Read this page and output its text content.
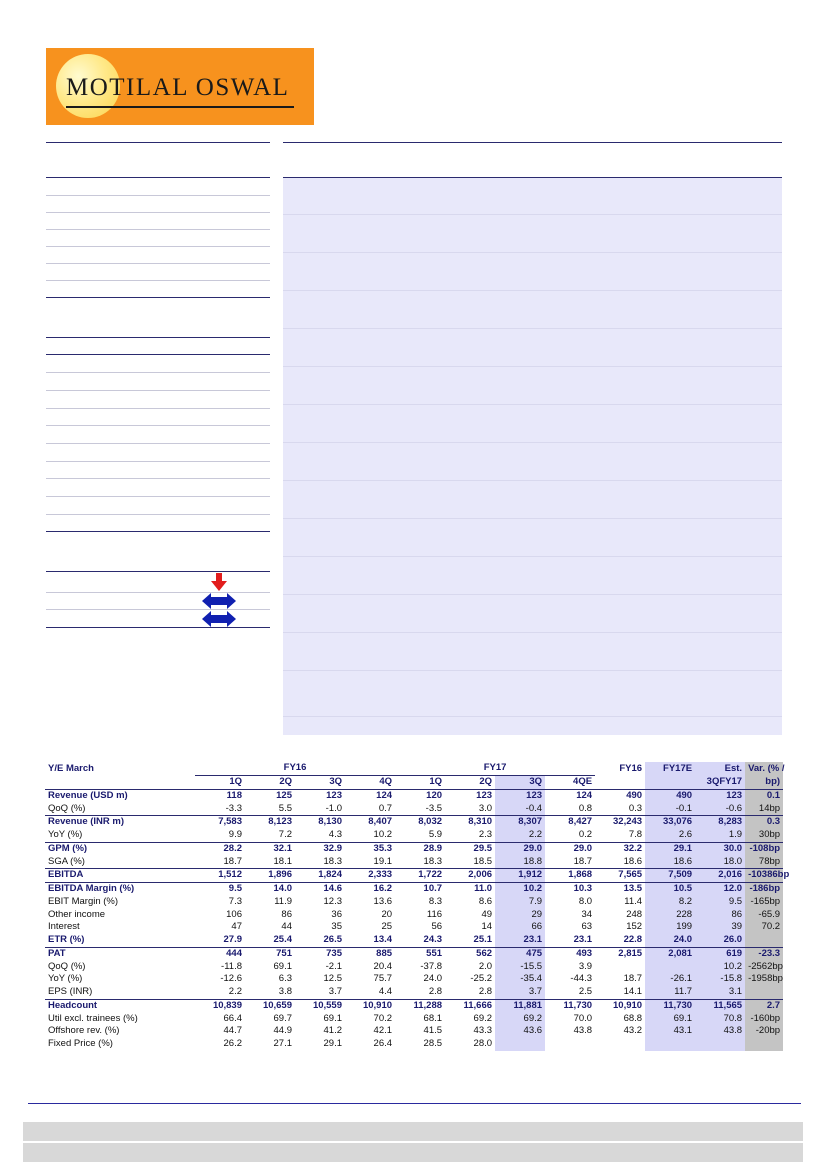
MOTILAL OSWAL
Y/E March	FY16				FY17				FY16	FY17E	Est.	Var. (% /
	1Q	2Q	3Q	4Q	1Q	2Q	3Q	4QE			3QFY17	bp)
Revenue (USD m)	118	125	123	124	120	123	123	124	490	490	123	0.1
QoQ (%)	-3.3	5.5	-1.0	0.7	-3.5	3.0	-0.4	0.8	0.3	-0.1	-0.6	14bp
Revenue (INR m)	7,583	8,123	8,130	8,407	8,032	8,310	8,307	8,427	32,243	33,076	8,283	0.3
YoY (%)	9.9	7.2	4.3	10.2	5.9	2.3	2.2	0.2	7.8	2.6	1.9	30bp
GPM (%)	28.2	32.1	32.9	35.3	28.9	29.5	29.0	29.0	32.2	29.1	30.0	-108bp
SGA (%)	18.7	18.1	18.3	19.1	18.3	18.5	18.8	18.7	18.6	18.6	18.0	78bp
EBITDA	1,512	1,896	1,824	2,333	1,722	2,006	1,912	1,868	7,565	7,509	2,016	-10386bp
EBITDA Margin (%)	9.5	14.0	14.6	16.2	10.7	11.0	10.2	10.3	13.5	10.5	12.0	-186bp
EBIT Margin (%)	7.3	11.9	12.3	13.6	8.3	8.6	7.9	8.0	11.4	8.2	9.5	-165bp
Other income	106	86	36	20	116	49	29	34	248	228	86	-65.9
Interest	47	44	35	25	56	14	66	63	152	199	39	70.2
ETR (%)	27.9	25.4	26.5	13.4	24.3	25.1	23.1	23.1	22.8	24.0	26.0	
PAT	444	751	735	885	551	562	475	493	2,815	2,081	619	-23.3
QoQ (%)	-11.8	69.1	-2.1	20.4	-37.8	2.0	-15.5	3.9			10.2	-2562bp
YoY (%)	-12.6	6.3	12.5	75.7	24.0	-25.2	-35.4	-44.3	18.7	-26.1	-15.8	-1958bp
EPS (INR)	2.2	3.8	3.7	4.4	2.8	2.8	3.7	2.5	14.1	11.7	3.1	
Headcount	10,839	10,659	10,559	10,910	11,288	11,666	11,881	11,730	10,910	11,730	11,565	2.7
Util excl. trainees (%)	66.4	69.7	69.1	70.2	68.1	69.2	69.2	70.0	68.8	69.1	70.8	-160bp
Offshore rev. (%)	44.7	44.9	41.2	42.1	41.5	43.3	43.6	43.8	43.2	43.1	43.8	-20bp
Fixed Price (%)	26.2	27.1	29.1	26.4	28.5	28.0						
